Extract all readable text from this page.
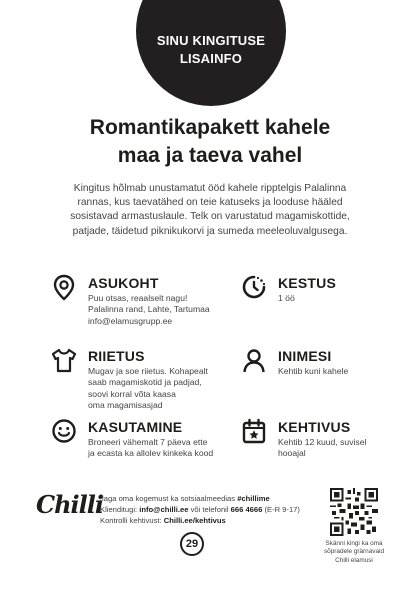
SINU KINGITUSE
LISAINFO
Romantikapakett kahele
maa ja taeva vahel

Kingitus hõlmab unustamatut ööd kahele ripptelgis Palalinna rannas, kus taevatähed on teie katuseks ja looduse hääled sosistavad armastuslaule. Telk on varustatud magamiskottide, patjade, täidetud piknikukorvi ja sumeda meeleoluvalgusega.

ASUKOHT
Puu otsas, reaalselt nagu!
Palalinna rand, Lahte, Tartumaa
info@elamusgrupp.ee
KESTUS
1 öö
RIIETUS
Mugav ja soe riietus. Kohapealt
saab magamiskotid ja padjad,
soovi korral võta kaasa
oma magamisasjad
INIMESI
Kehtib kuni kahele
KASUTAMINE
Broneeri vähemalt 7 päeva ette
ja ecasta ka allolev kinkeka kood
KEHTIVUS
Kehtib 12 kuud, suvisel
hooajal
Chilli
Jaga oma kogemust ka sotsiaalmeedias #chillime
Klienditugi: info@chilli.ee või telefonil 666 4666 (E-R 9-17)
Kontrolli kehtivust: Chilli.ee/kehtivus
29	Skänni kingi ka oma
sõpradele grärnavaid
Chilli elamusi
